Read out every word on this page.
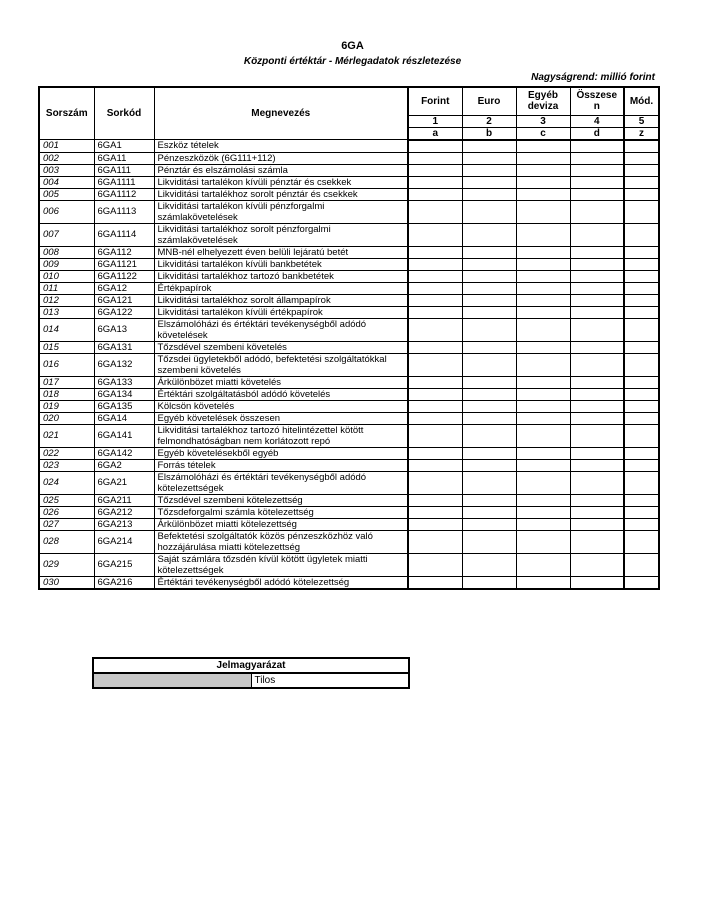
6GA
Központi értéktár - Mérlegadatok részletezése
Nagyságrend: millió forint
Sorszám	Sorkód	Megnevezés	Forint	Euro	Egyéb deviza	Összese n	Mód.
			1	2	3	4	5
			a	b	c	d	z
001	6GA1	Eszköz tételek					
002	6GA11	Pénzeszközök (6G111+112)					
003	6GA111	Pénztár és elszámolási számla					
004	6GA1111	Likviditási tartalékon kívüli pénztár és csekkek					
005	6GA1112	Likviditási tartalékhoz sorolt pénztár és csekkek					
006	6GA1113	Likviditási tartalékon kívüli pénzforgalmi számlakövetelések					
007	6GA1114	Likviditási tartalékhoz sorolt pénzforgalmi számlakövetelések					
008	6GA112	MNB-nél elhelyezett éven belüli lejáratú betét					
009	6GA1121	Likviditási tartalékon kívüli bankbetétek					
010	6GA1122	Likviditási tartalékhoz tartozó bankbetétek					
011	6GA12	Értékpapírok					
012	6GA121	Likviditási tartalékhoz sorolt állampapírok					
013	6GA122	Likviditási tartalékon kívüli értékpapírok					
014	6GA13	Elszámolóházi és értéktári tevékenységből adódó követelések					
015	6GA131	Tőzsdével szembeni követelés					
016	6GA132	Tőzsdei ügyletekből adódó, befektetési szolgáltatókkal szembeni követelés					
017	6GA133	Árkülönbözet miatti követelés					
018	6GA134	Értéktári szolgáltatásból adódó követelés					
019	6GA135	Kölcsön követelés					
020	6GA14	Egyéb követelések összesen					
021	6GA141	Likviditási tartalékhoz tartozó hitelintézettel kötött felmondhatóságban nem korlátozott repó					
022	6GA142	Egyéb követelésekből egyéb					
023	6GA2	Forrás tételek					
024	6GA21	Elszámolóházi és értéktári tevékenységből adódó kötelezettségek					
025	6GA211	Tőzsdével szembeni kötelezettség					
026	6GA212	Tőzsdeforgalmi számla kötelezettség					
027	6GA213	Árkülönbözet miatti kötelezettség					
028	6GA214	Befektetési szolgáltatók közös pénzeszközhöz való hozzájárulása miatti kötelezettség					
029	6GA215	Saját számlára tőzsdén kívül kötött ügyletek miatti kötelezettségek					
030	6GA216	Értéktári tevékenységből adódó kötelezettség					
Jelmagyarázat
	Tilos
